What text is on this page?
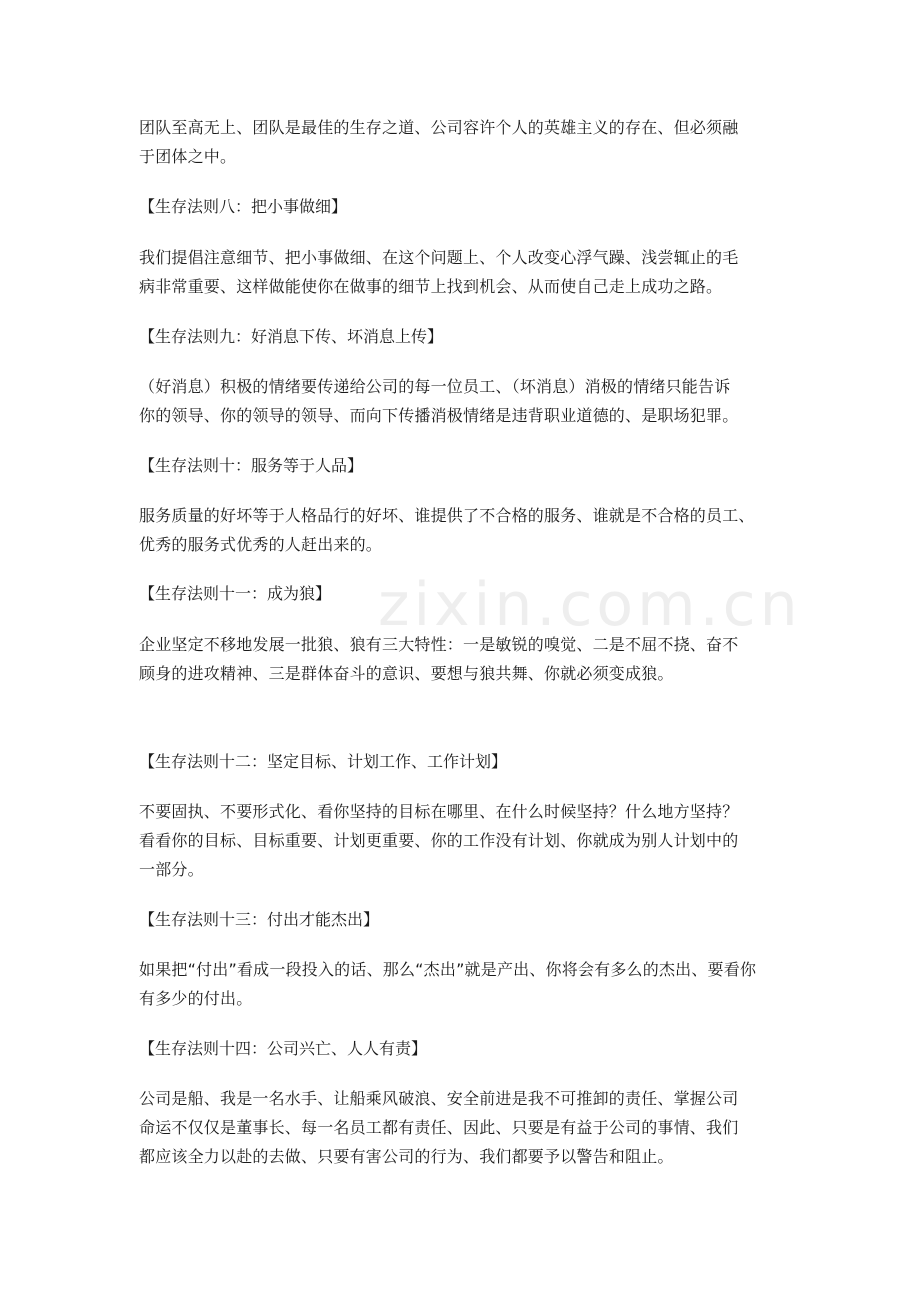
zixin.com.cn
团队至高无上、团队是最佳的生存之道、公司容许个人的英雄主义的存在、但必须融
于团体之中。
【生存法则八：把小事做细】
我们提倡注意细节、把小事做细、在这个问题上、个人改变心浮气躁、浅尝辄止的毛
病非常重要、这样做能使你在做事的细节上找到机会、从而使自己走上成功之路。
【生存法则九：好消息下传、坏消息上传】
（好消息）积极的情绪要传递给公司的每一位员工、（坏消息）消极的情绪只能告诉
你的领导、你的领导的领导、而向下传播消极情绪是违背职业道德的、是职场犯罪。
【生存法则十：服务等于人品】
服务质量的好坏等于人格品行的好坏、谁提供了不合格的服务、谁就是不合格的员工、
优秀的服务式优秀的人赶出来的。
【生存法则十一：成为狼】
企业坚定不移地发展一批狼、狼有三大特性：一是敏锐的嗅觉、二是不屈不挠、奋不
顾身的进攻精神、三是群体奋斗的意识、要想与狼共舞、你就必须变成狼。
【生存法则十二：坚定目标、计划工作、工作计划】
不要固执、不要形式化、看你坚持的目标在哪里、在什么时候坚持？什么地方坚持？
看看你的目标、目标重要、计划更重要、你的工作没有计划、你就成为别人计划中的
一部分。
【生存法则十三：付出才能杰出】
如果把“付出”看成一段投入的话、那么“杰出”就是产出、你将会有多么的杰出、要看你
有多少的付出。
【生存法则十四：公司兴亡、人人有责】
公司是船、我是一名水手、让船乘风破浪、安全前进是我不可推卸的责任、掌握公司
命运不仅仅是董事长、每一名员工都有责任、因此、只要是有益于公司的事情、我们
都应该全力以赴的去做、只要有害公司的行为、我们都要予以警告和阻止。
